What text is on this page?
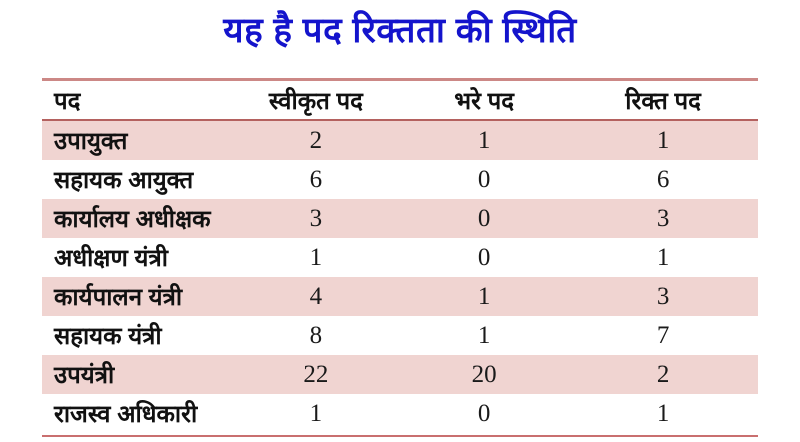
यह है पद रिक्तता की स्थिति
पद	स्वीकृत पद	भरे पद	रिक्त पद
उपायुक्त	2	1	1
सहायक आयुक्त	6	0	6
कार्यालय अधीक्षक	3	0	3
अधीक्षण यंत्री	1	0	1
कार्यपालन यंत्री	4	1	3
सहायक यंत्री	8	1	7
उपयंत्री	22	20	2
राजस्व अधिकारी	1	0	1
